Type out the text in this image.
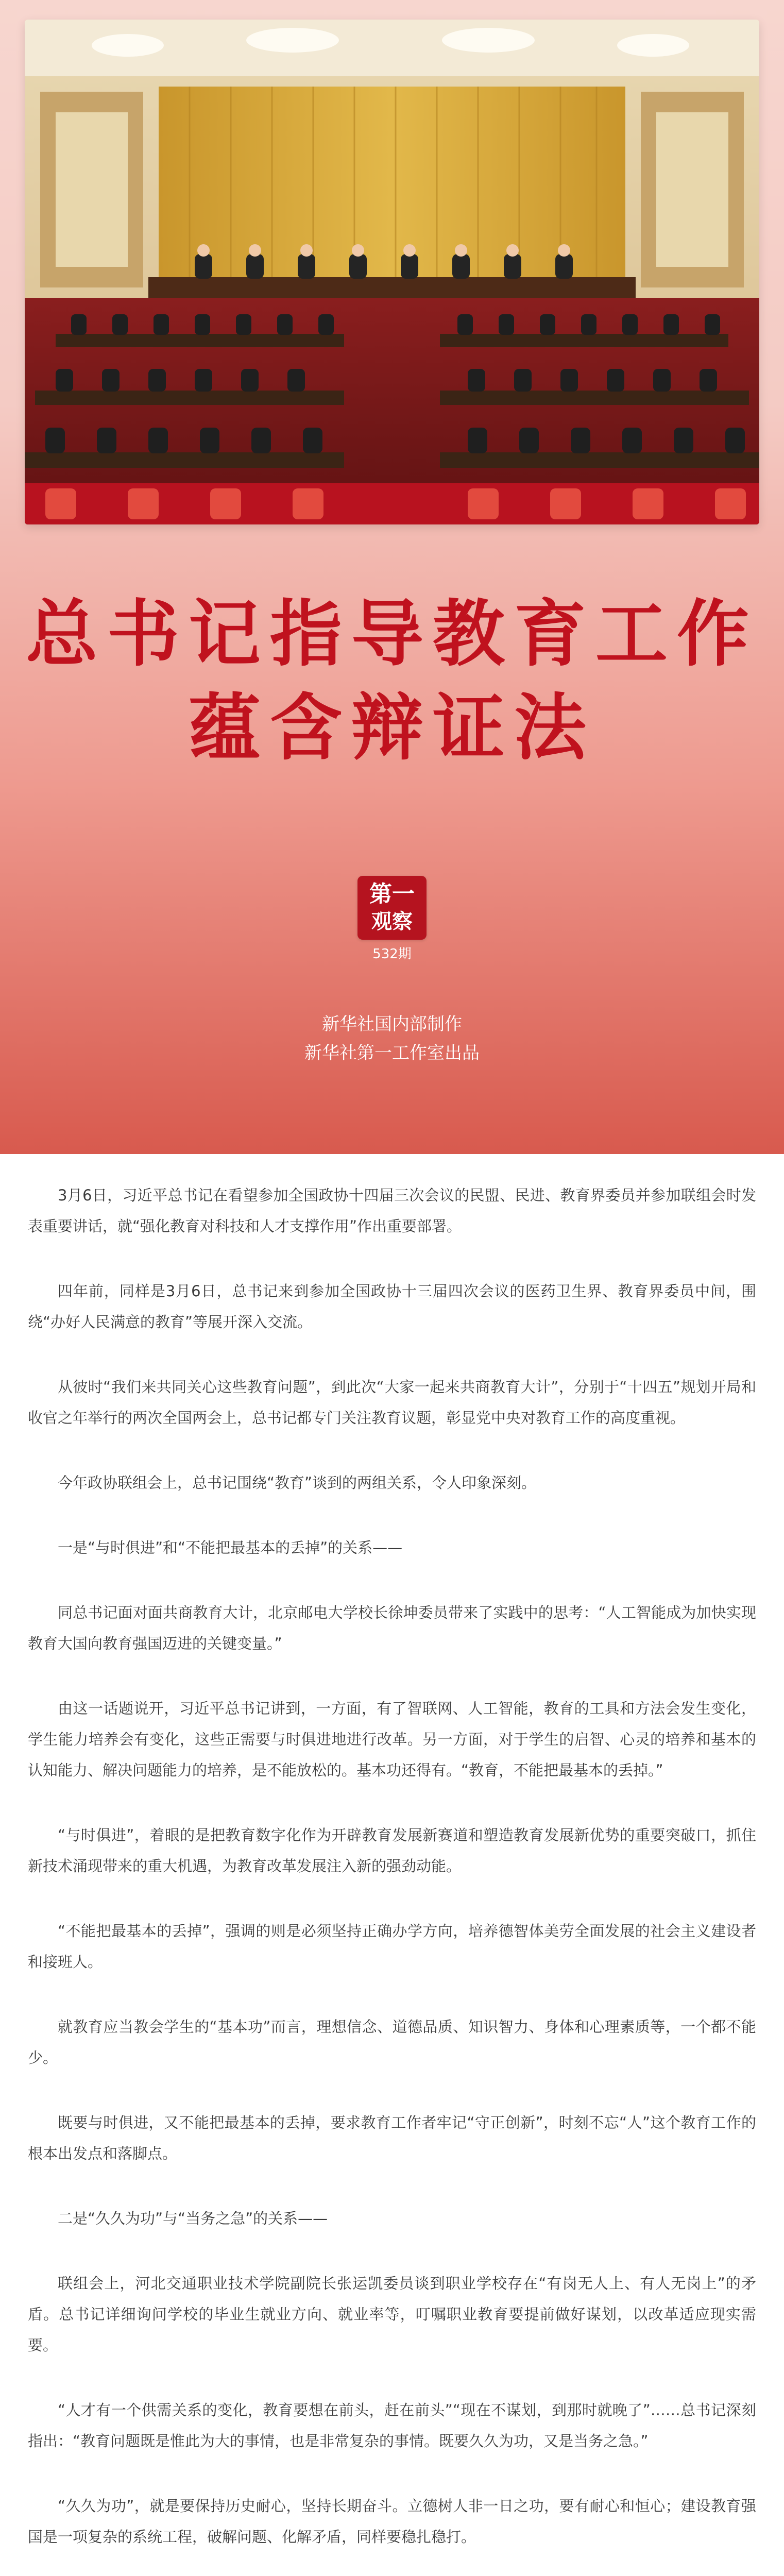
总书记指导教育工作
蕴含辩证法
第一
观察
532期
新华社国内部制作
新华社第一工作室出品

3月6日，习近平总书记在看望参加全国政协十四届三次会议的民盟、民进、教育界委员并参加联组会时发表重要讲话，就“强化教育对科技和人才支撑作用”作出重要部署。

四年前，同样是3月6日，总书记来到参加全国政协十三届四次会议的医药卫生界、教育界委员中间，围绕“办好人民满意的教育”等展开深入交流。

从彼时“我们来共同关心这些教育问题”，到此次“大家一起来共商教育大计”，分别于“十四五”规划开局和收官之年举行的两次全国两会上，总书记都专门关注教育议题，彰显党中央对教育工作的高度重视。

今年政协联组会上，总书记围绕“教育”谈到的两组关系，令人印象深刻。

一是“与时俱进”和“不能把最基本的丢掉”的关系——

同总书记面对面共商教育大计，北京邮电大学校长徐坤委员带来了实践中的思考：“人工智能成为加快实现教育大国向教育强国迈进的关键变量。”

由这一话题说开，习近平总书记讲到，一方面，有了智联网、人工智能，教育的工具和方法会发生变化，学生能力培养会有变化，这些正需要与时俱进地进行改革。另一方面，对于学生的启智、心灵的培养和基本的认知能力、解决问题能力的培养，是不能放松的。基本功还得有。“教育，不能把最基本的丢掉。”

“与时俱进”，着眼的是把教育数字化作为开辟教育发展新赛道和塑造教育发展新优势的重要突破口，抓住新技术涌现带来的重大机遇，为教育改革发展注入新的强劲动能。

“不能把最基本的丢掉”，强调的则是必须坚持正确办学方向，培养德智体美劳全面发展的社会主义建设者和接班人。

就教育应当教会学生的“基本功”而言，理想信念、道德品质、知识智力、身体和心理素质等，一个都不能少。

既要与时俱进，又不能把最基本的丢掉，要求教育工作者牢记“守正创新”，时刻不忘“人”这个教育工作的根本出发点和落脚点。

二是“久久为功”与“当务之急”的关系——

联组会上，河北交通职业技术学院副院长张运凯委员谈到职业学校存在“有岗无人上、有人无岗上”的矛盾。总书记详细询问学校的毕业生就业方向、就业率等，叮嘱职业教育要提前做好谋划，以改革适应现实需要。

“人才有一个供需关系的变化，教育要想在前头，赶在前头”“现在不谋划，到那时就晚了”……总书记深刻指出：“教育问题既是惟此为大的事情，也是非常复杂的事情。既要久久为功，又是当务之急。”

“久久为功”，就是要保持历史耐心，坚持长期奋斗。立德树人非一日之功，要有耐心和恒心；建设教育强国是一项复杂的系统工程，破解问题、化解矛盾，同样要稳扎稳打。
